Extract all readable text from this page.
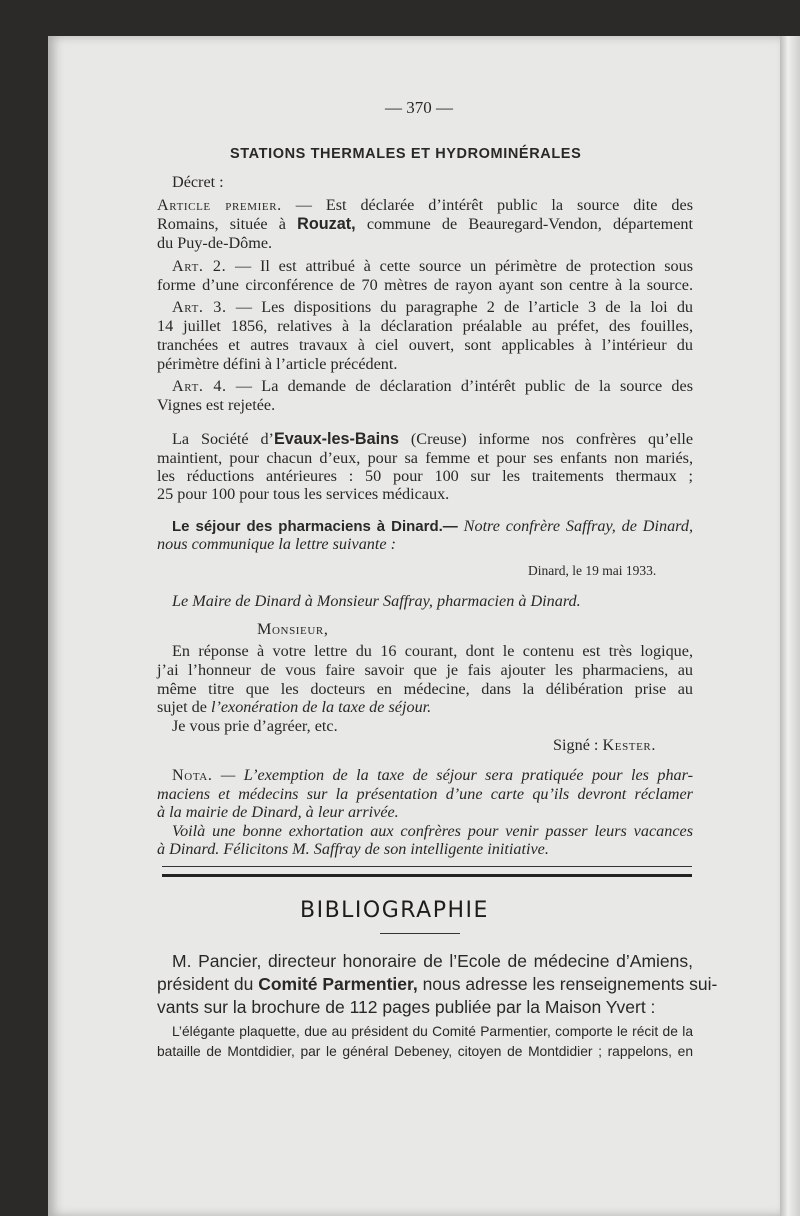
— 370 —
STATIONS THERMALES ET HYDROMINÉRALES
Décret :
Article premier. — Est déclarée d’intérêt public la source dite des
Romains, située à Rouzat, commune de Beauregard-Vendon, département
du Puy-de-Dôme.
Art. 2. — Il est attribué à cette source un périmètre de protection sous
forme d’une circonférence de 70 mètres de rayon ayant son centre à la source.
Art. 3. — Les dispositions du paragraphe 2 de l’article 3 de la loi du
14 juillet 1856, relatives à la déclaration préalable au préfet, des fouilles,
tranchées et autres travaux à ciel ouvert, sont applicables à l’intérieur du
périmètre défini à l’article précédent.
Art. 4. — La demande de déclaration d’intérêt public de la source des
Vignes est rejetée.
La Société d’Evaux-les-Bains (Creuse) informe nos confrères qu’elle
maintient, pour chacun d’eux, pour sa femme et pour ses enfants non mariés,
les réductions antérieures : 50 pour 100 sur les traitements thermaux ;
25 pour 100 pour tous les services médicaux.
Le séjour des pharmaciens à Dinard.— Notre confrère Saffray, de Dinard,
nous communique la lettre suivante :
Dinard, le 19 mai 1933.
Le Maire de Dinard à Monsieur Saffray, pharmacien à Dinard.
Monsieur,
En réponse à votre lettre du 16 courant, dont le contenu est très logique,
j’ai l’honneur de vous faire savoir que je fais ajouter les pharmaciens, au
même titre que les docteurs en médecine, dans la délibération prise au
sujet de l’exonération de la taxe de séjour.
Je vous prie d’agréer, etc.
Signé : Kester.
Nota. — L’exemption de la taxe de séjour sera pratiquée pour les phar-
maciens et médecins sur la présentation d’une carte qu’ils devront réclamer
à la mairie de Dinard, à leur arrivée.
Voilà une bonne exhortation aux confrères pour venir passer leurs vacances
à Dinard. Félicitons M. Saffray de son intelligente initiative.
BIBLIOGRAPHIE
M. Pancier, directeur honoraire de l’Ecole de médecine d’Amiens,
président du Comité Parmentier, nous adresse les renseignements sui-
vants sur la brochure de 112 pages publiée par la Maison Yvert :
L’élégante plaquette, due au président du Comité Parmentier, comporte le récit de la
bataille de Montdidier, par le général Debeney, citoyen de Montdidier ; rappelons, en
